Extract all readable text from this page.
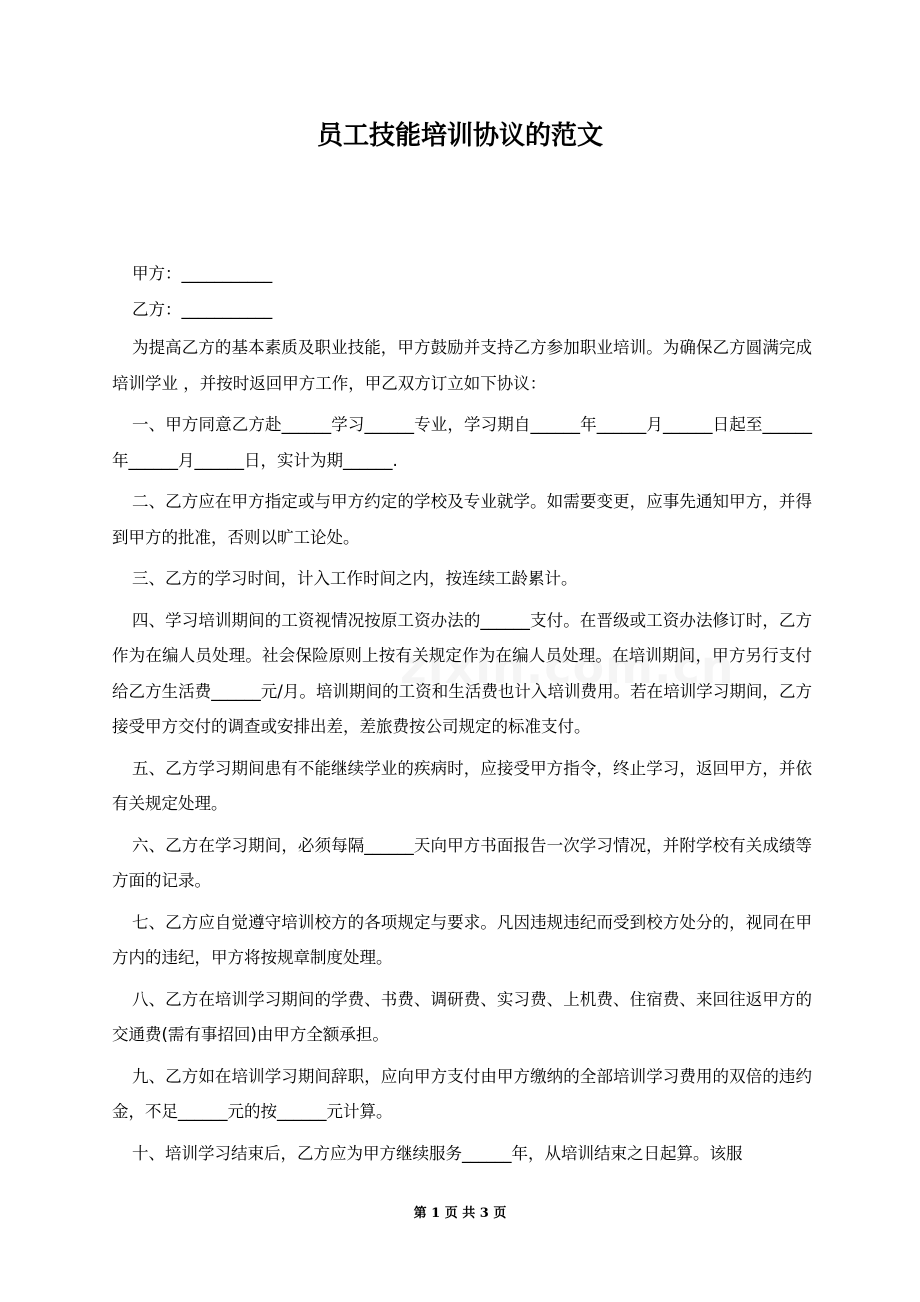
员工技能培训协议的范文
甲方：___________
乙方：___________

为提高乙方的基本素质及职业技能，甲方鼓励并支持乙方参加职业培训。为确保乙方圆满完成培训学业 ，并按时返回甲方工作，甲乙双方订立如下协议：

一、甲方同意乙方赴______学习______专业，学习期自______年______月______日起至______年______月______日，实计为期______.

二、乙方应在甲方指定或与甲方约定的学校及专业就学。如需要变更，应事先通知甲方，并得到甲方的批准，否则以旷工论处。

三、乙方的学习时间，计入工作时间之内，按连续工龄累计。

四、学习培训期间的工资视情况按原工资办法的______支付。在晋级或工资办法修订时，乙方作为在编人员处理。社会保险原则上按有关规定作为在编人员处理。在培训期间，甲方另行支付给乙方生活费______元/月。培训期间的工资和生活费也计入培训费用。若在培训学习期间，乙方接受甲方交付的调查或安排出差，差旅费按公司规定的标准支付。

五、乙方学习期间患有不能继续学业的疾病时，应接受甲方指令，终止学习，返回甲方，并依有关规定处理。

六、乙方在学习期间，必须每隔______天向甲方书面报告一次学习情况，并附学校有关成绩等方面的记录。

七、乙方应自觉遵守培训校方的各项规定与要求。凡因违规违纪而受到校方处分的，视同在甲方内的违纪，甲方将按规章制度处理。

八、乙方在培训学习期间的学费、书费、调研费、实习费、上机费、住宿费、来回往返甲方的交通费(需有事招回)由甲方全额承担。

九、乙方如在培训学习期间辞职，应向甲方支付由甲方缴纳的全部培训学习费用的双倍的违约金，不足______元的按______元计算。

十、培训学习结束后，乙方应为甲方继续服务______年，从培训结束之日起算。该服

第 1 页 共 3 页
